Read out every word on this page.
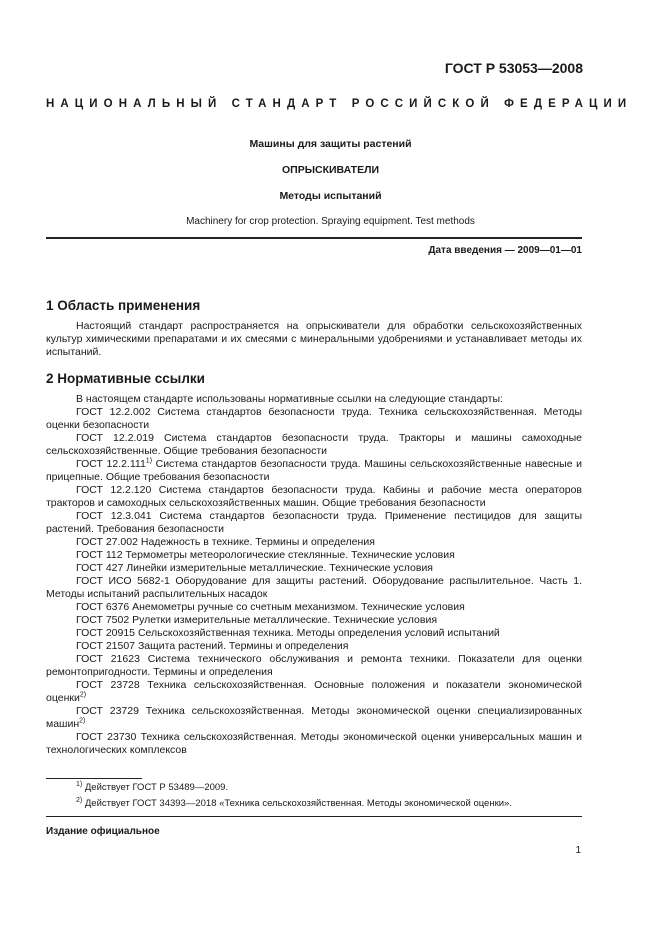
ГОСТ Р 53053—2008

НАЦИОНАЛЬНЫЙ СТАНДАРТ РОССИЙСКОЙ ФЕДЕРАЦИИ

Машины для защиты растений

ОПРЫСКИВАТЕЛИ

Методы испытаний

Machinery for crop protection. Spraying equipment. Test methods

Дата введения — 2009—01—01

1 Область применения

Настоящий стандарт распространяется на опрыскиватели для обработки сельскохозяйственных культур химическими препаратами и их смесями с минеральными удобрениями и устанавливает методы их испытаний.

2 Нормативные ссылки

В настоящем стандарте использованы нормативные ссылки на следующие стандарты:

ГОСТ 12.2.002 Система стандартов безопасности труда. Техника сельскохозяйственная. Методы оценки безопасности

ГОСТ 12.2.019 Система стандартов безопасности труда. Тракторы и машины самоходные сельскохозяйственные. Общие требования безопасности

ГОСТ 12.2.111$^{1)}$ Система стандартов безопасности труда. Машины сельскохозяйственные навесные и прицепные. Общие требования безопасности

ГОСТ 12.2.120 Система стандартов безопасности труда. Кабины и рабочие места операторов тракторов и самоходных сельскохозяйственных машин. Общие требования безопасности

ГОСТ 12.3.041 Система стандартов безопасности труда. Применение пестицидов для защиты растений. Требования безопасности

ГОСТ 27.002 Надежность в технике. Термины и определения

ГОСТ 112 Термометры метеорологические стеклянные. Технические условия

ГОСТ 427 Линейки измерительные металлические. Технические условия

ГОСТ ИСО 5682-1 Оборудование для защиты растений. Оборудование распылительное. Часть 1. Методы испытаний распылительных насадок

ГОСТ 6376 Анемометры ручные со счетным механизмом. Технические условия

ГОСТ 7502 Рулетки измерительные металлические. Технические условия

ГОСТ 20915 Сельскохозяйственная техника. Методы определения условий испытаний

ГОСТ 21507 Защита растений. Термины и определения

ГОСТ 21623 Система технического обслуживания и ремонта техники. Показатели для оценки ремонтопригодности. Термины и определения

ГОСТ 23728 Техника сельскохозяйственная. Основные положения и показатели экономической оценки$^{2)}$

ГОСТ 23729 Техника сельскохозяйственная. Методы экономической оценки специализированных машин$^{2)}$

ГОСТ 23730 Техника сельскохозяйственная. Методы экономической оценки универсальных машин и технологических комплексов

$^{1)}$ Действует ГОСТ Р 53489—2009.

$^{2)}$ Действует ГОСТ 34393—2018 «Техника сельскохозяйственная. Методы экономической оценки».

Издание официальное

1
